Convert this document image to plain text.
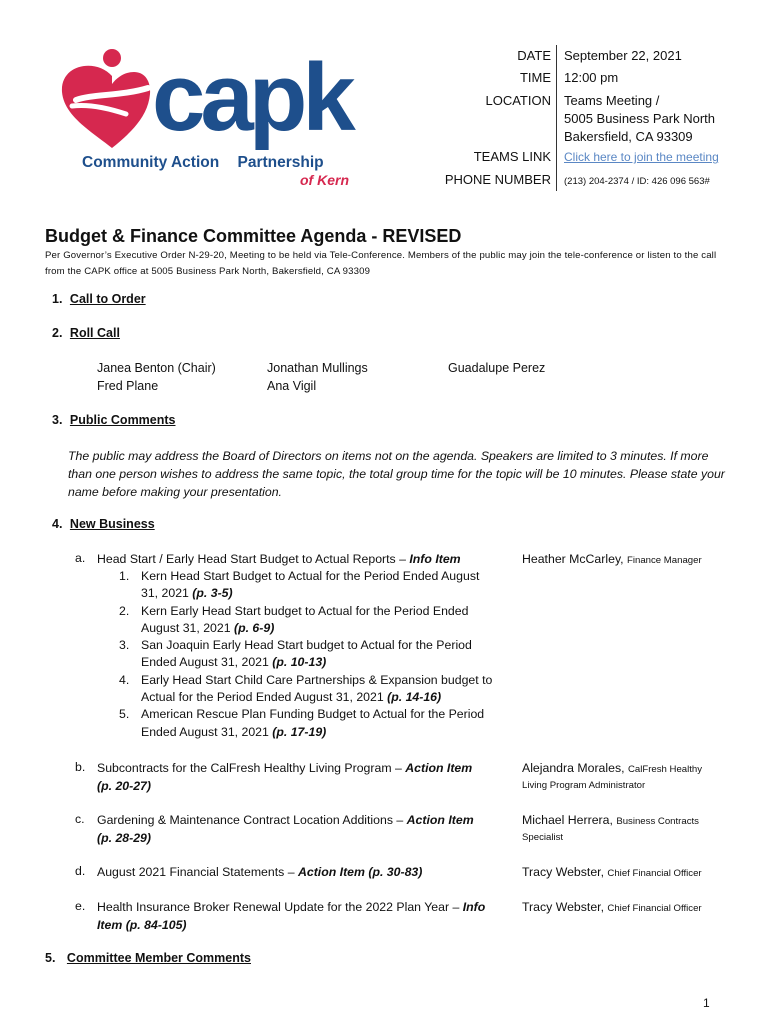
capk
Community Action Partnership
of Kern
DATE September 22, 2021
TIME 12:00 pm
LOCATION Teams Meeting /
5005 Business Park North
Bakersfield, CA 93309
TEAMS LINK Click here to join the meeting
PHONE NUMBER (213) 204-2374 / ID: 426 096 563#
Budget & Finance Committee Agenda - REVISED
Per Governor’s Executive Order N-29-20, Meeting to be held via Tele-Conference. Members of the public may join the tele-conference or listen to the call from the CAPK office at 5005 Business Park North, Bakersfield, CA 93309
1. Call to Order
2. Roll Call
Janea Benton (Chair)
Fred Plane
Jonathan Mullings
Ana Vigil
Guadalupe Perez
3. Public Comments
The public may address the Board of Directors on items not on the agenda. Speakers are limited to 3 minutes. If more than one person wishes to address the same topic, the total group time for the topic will be 10 minutes. Please state your name before making your presentation.
4. New Business
a. Head Start / Early Head Start Budget to Actual Reports – Info Item	Heather McCarley, Finance Manager
1. Kern Head Start Budget to Actual for the Period Ended August
31, 2021 (p. 3-5)
2. Kern Early Head Start budget to Actual for the Period Ended
August 31, 2021 (p. 6-9)
3. San Joaquin Early Head Start budget to Actual for the Period
Ended August 31, 2021 (p. 10-13)
4. Early Head Start Child Care Partnerships & Expansion budget to
Actual for the Period Ended August 31, 2021 (p. 14-16)
5. American Rescue Plan Funding Budget to Actual for the Period
Ended August 31, 2021 (p. 17-19)
b. Subcontracts for the CalFresh Healthy Living Program – Action Item
(p. 20-27)
Alejandra Morales, CalFresh Healthy
Living Program Administrator
c. Gardening & Maintenance Contract Location Additions – Action Item
(p. 28-29)
Michael Herrera, Business Contracts
Specialist
d. August 2021 Financial Statements – Action Item (p. 30-83)	Tracy Webster, Chief Financial Officer
e. Health Insurance Broker Renewal Update for the 2022 Plan Year – Info
Item (p. 84-105)
Tracy Webster, Chief Financial Officer
5. Committee Member Comments
1
